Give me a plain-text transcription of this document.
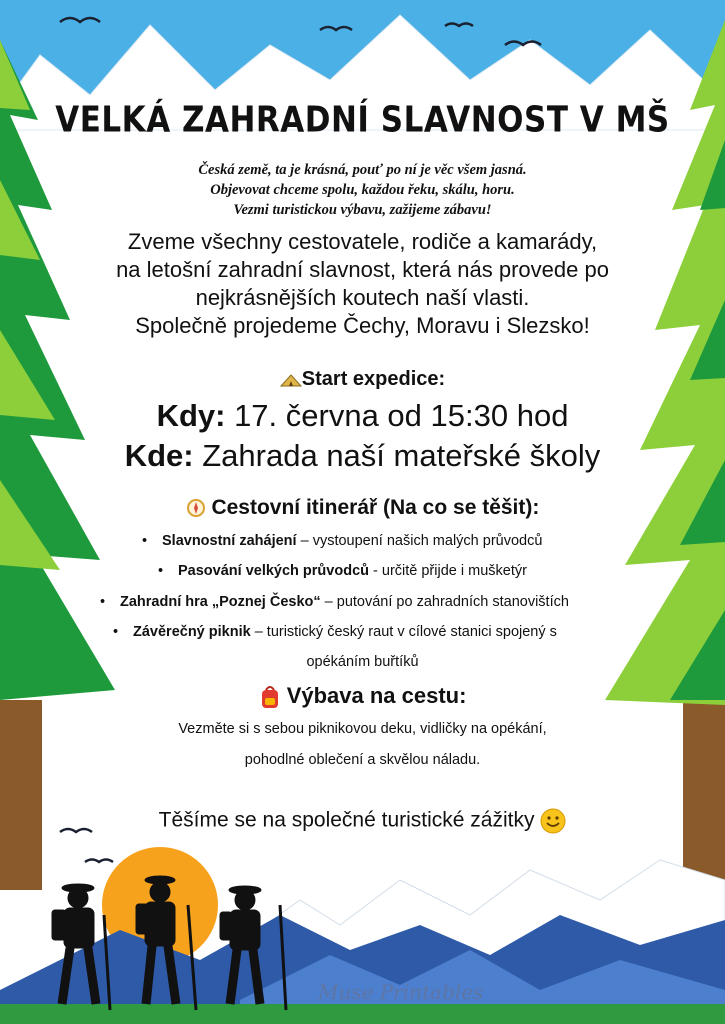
VELKÁ ZAHRADNÍ SLAVNOST V MŠ
Česká země, ta je krásná, pouť po ní je věc všem jasná.
Objevovat chceme spolu, každou řeku, skálu, horu.
Vezmi turistickou výbavu, zažijeme zábavu!
Zveme všechny cestovatele, rodiče a kamarády,
na letošní zahradní slavnost, která nás provede po
nejkrásnějších koutech naší vlasti.
Společně projedeme Čechy, Moravu i Slezsko!
Start expedice:
Kdy: 17. června od 15:30 hod
Kde: Zahrada naší mateřské školy
Cestovní itinerář (Na co se těšit):
• Slavnostní zahájení – vystoupení našich malých průvodců
• Pasování velkých průvodců - určitě přijde i mušketýr
• Zahradní hra „Poznej Česko“ – putování po zahradních stanovištích
• Závěrečný piknik – turistický český raut v cílové stanici spojený s
opékáním buřtíků
Výbava na cestu:
Vezměte si s sebou piknikovou deku, vidličky na opékání,
pohodlné oblečení a skvělou náladu.
Těšíme se na společné turistické zážitky
Muse Printables
